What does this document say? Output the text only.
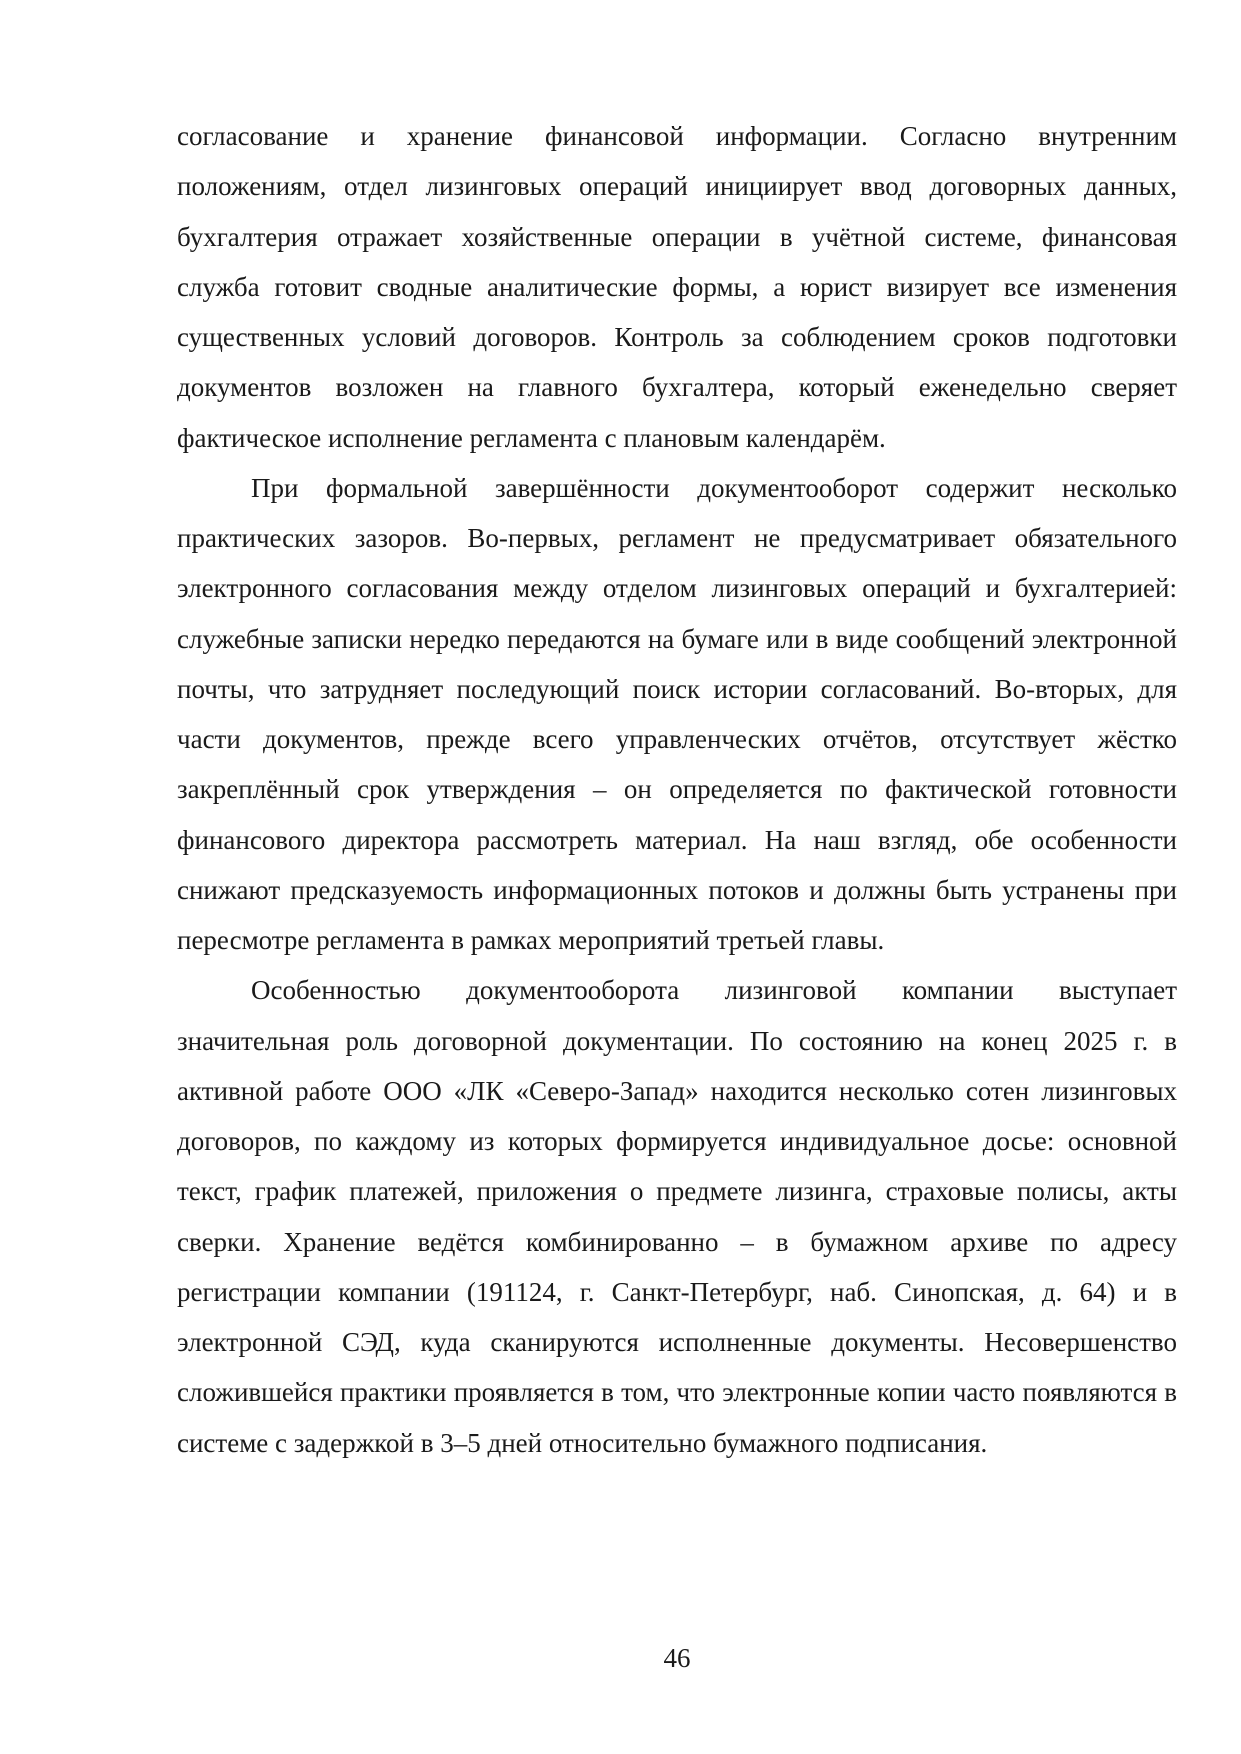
согласование и хранение финансовой информации. Согласно внутренним положениям, отдел лизинговых операций инициирует ввод договорных данных, бухгалтерия отражает хозяйственные операции в учётной системе, финансовая служба готовит сводные аналитические формы, а юрист визирует все изменения существенных условий договоров. Контроль за соблюдением сроков подготовки документов возложен на главного бухгалтера, который еженедельно сверяет фактическое исполнение регламента с плановым календарём.

При формальной завершённости документооборот содержит несколько практических зазоров. Во-первых, регламент не предусматривает обязательного электронного согласования между отделом лизинговых операций и бухгалтерией: служебные записки нередко передаются на бумаге или в виде сообщений электронной почты, что затрудняет последующий поиск истории согласований. Во-вторых, для части документов, прежде всего управленческих отчётов, отсутствует жёстко закреплённый срок утверждения – он определяется по фактической готовности финансового директора рассмотреть материал. На наш взгляд, обе особенности снижают предсказуемость информационных потоков и должны быть устранены при пересмотре регламента в рамках мероприятий третьей главы.

Особенностью документооборота лизинговой компании выступает значительная роль договорной документации. По состоянию на конец 2025 г. в активной работе ООО «ЛК «Северо-Запад» находится несколько сотен лизинговых договоров, по каждому из которых формируется индивидуальное досье: основной текст, график платежей, приложения о предмете лизинга, страховые полисы, акты сверки. Хранение ведётся комбинированно – в бумажном архиве по адресу регистрации компании (191124, г. Санкт-Петербург, наб. Синопская, д. 64) и в электронной СЭД, куда сканируются исполненные документы. Несовершенство сложившейся практики проявляется в том, что электронные копии часто появляются в системе с задержкой в 3–5 дней относительно бумажного подписания.

46
